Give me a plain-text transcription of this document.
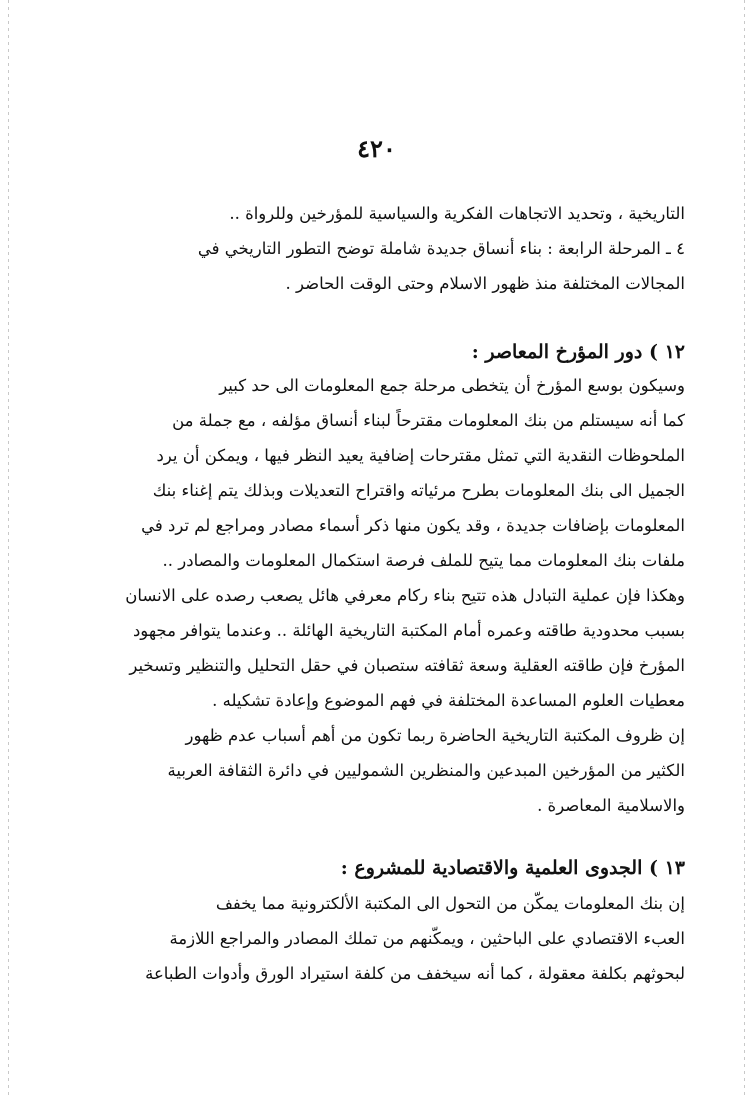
٤٢٠
التاريخية ، وتحديد الاتجاهات الفكرية والسياسية للمؤرخين وللرواة ..
٤ ـ المرحلة الرابعة : بناء أنساق جديدة شاملة توضح التطور التاريخي في
المجالات المختلفة منذ ظهور الاسلام وحتى الوقت الحاضر .
١٢ ) دور المؤرخ المعاصر :
وسيكون بوسع المؤرخ أن يتخطى مرحلة جمع المعلومات الى حد كبير
كما أنه سيستلم من بنك المعلومات مقترحاً لبناء أنساق مؤلفه ، مع جملة من
الملحوظات النقدية التي تمثل مقترحات إضافية يعيد النظر فيها ، ويمكن أن يرد
الجميل الى بنك المعلومات بطرح مرئياته واقتراح التعديلات وبذلك يتم إغناء بنك
المعلومات بإضافات جديدة ، وقد يكون منها ذكر أسماء مصادر ومراجع لم ترد في
ملفات بنك المعلومات مما يتيح للملف فرصة استكمال المعلومات والمصادر ..
وهكذا فإن عملية التبادل هذه تتيح بناء ركام معرفي هائل يصعب رصده على الانسان
بسبب محدودية طاقته وعمره أمام المكتبة التاريخية الهائلة .. وعندما يتوافر مجهود
المؤرخ فإن طاقته العقلية وسعة ثقافته ستصبان في حقل التحليل والتنظير وتسخير
معطيات العلوم المساعدة المختلفة في فهم الموضوع وإعادة تشكيله .
إن ظروف المكتبة التاريخية الحاضرة ربما تكون من أهم أسباب عدم ظهور
الكثير من المؤرخين المبدعين والمنظرين الشموليين في دائرة الثقافة العربية
والاسلامية المعاصرة .
١٣ ) الجدوى العلمية والاقتصادية للمشروع :
إن بنك المعلومات يمكّن من التحول الى المكتبة الألكترونية مما يخفف
العبء الاقتصادي على الباحثين ، ويمكّنهم من تملك المصادر والمراجع اللازمة
لبحوثهم بكلفة معقولة ، كما أنه سيخفف من كلفة استيراد الورق وأدوات الطباعة
